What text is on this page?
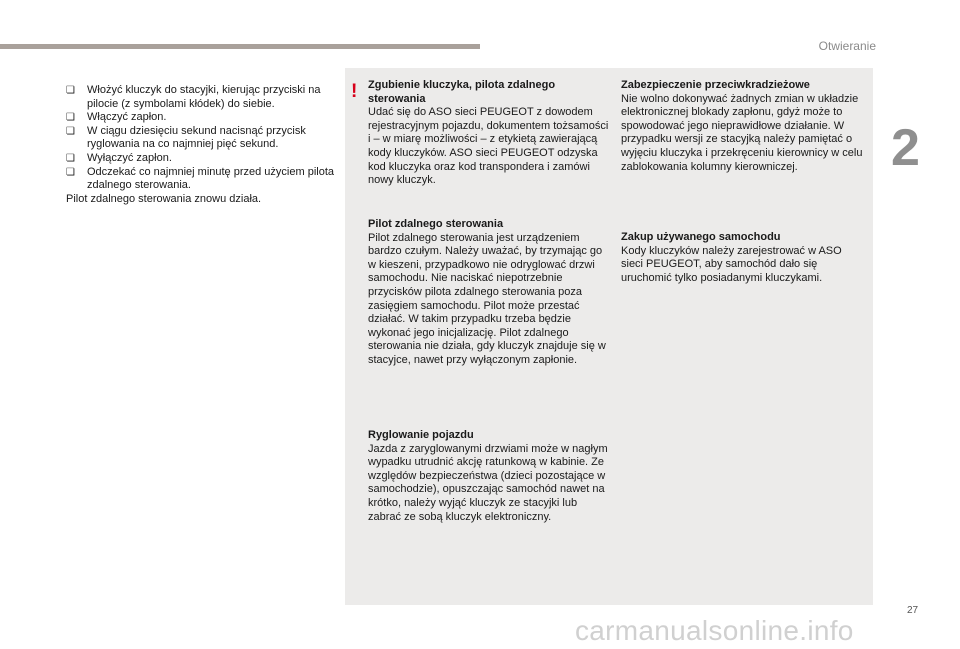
Otwieranie
2

❏ Włożyć kluczyk do stacyjki, kierując przyciski na pilocie (z symbolami kłódek) do siebie.

❏ Włączyć zapłon.

❏ W ciągu dziesięciu sekund nacisnąć przycisk ryglowania na co najmniej pięć sekund.

❏ Wyłączyć zapłon.

❏ Odczekać co najmniej minutę przed użyciem pilota zdalnego sterowania.

Pilot zdalnego sterowania znowu działa.

! Zgubienie kluczyka, pilota zdalnego sterowania

Udać się do ASO sieci PEUGEOT z dowodem rejestracyjnym pojazdu, dokumentem tożsamości i – w miarę możliwości – z etykietą zawierającą kody kluczyków. ASO sieci PEUGEOT odzyska kod kluczyka oraz kod transpondera i zamówi nowy kluczyk.

Pilot zdalnego sterowania

Pilot zdalnego sterowania jest urządzeniem bardzo czułym. Należy uważać, by trzymając go w kieszeni, przypadkowo nie odryglować drzwi samochodu. Nie naciskać niepotrzebnie przycisków pilota zdalnego sterowania poza zasięgiem samochodu. Pilot może przestać działać. W takim przypadku trzeba będzie wykonać jego inicjalizację. Pilot zdalnego sterowania nie działa, gdy kluczyk znajduje się w stacyjce, nawet przy wyłączonym zapłonie.

Ryglowanie pojazdu

Jazda z zaryglowanymi drzwiami może w nagłym wypadku utrudnić akcję ratunkową w kabinie. Ze względów bezpieczeństwa (dzieci pozostające w samochodzie), opuszczając samochód nawet na krótko, należy wyjąć kluczyk ze stacyjki lub zabrać ze sobą kluczyk elektroniczny.

Zabezpieczenie przeciwkradzieżowe

Nie wolno dokonywać żadnych zmian w układzie elektronicznej blokady zapłonu, gdyż może to spowodować jego nieprawidłowe działanie. W przypadku wersji ze stacyjką należy pamiętać o wyjęciu kluczyka i przekręceniu kierownicy w celu zablokowania kolumny kierowniczej.

Zakup używanego samochodu

Kody kluczyków należy zarejestrować w ASO sieci PEUGEOT, aby samochód dało się uruchomić tylko posiadanymi kluczykami.

27
carmanualsonline.info
